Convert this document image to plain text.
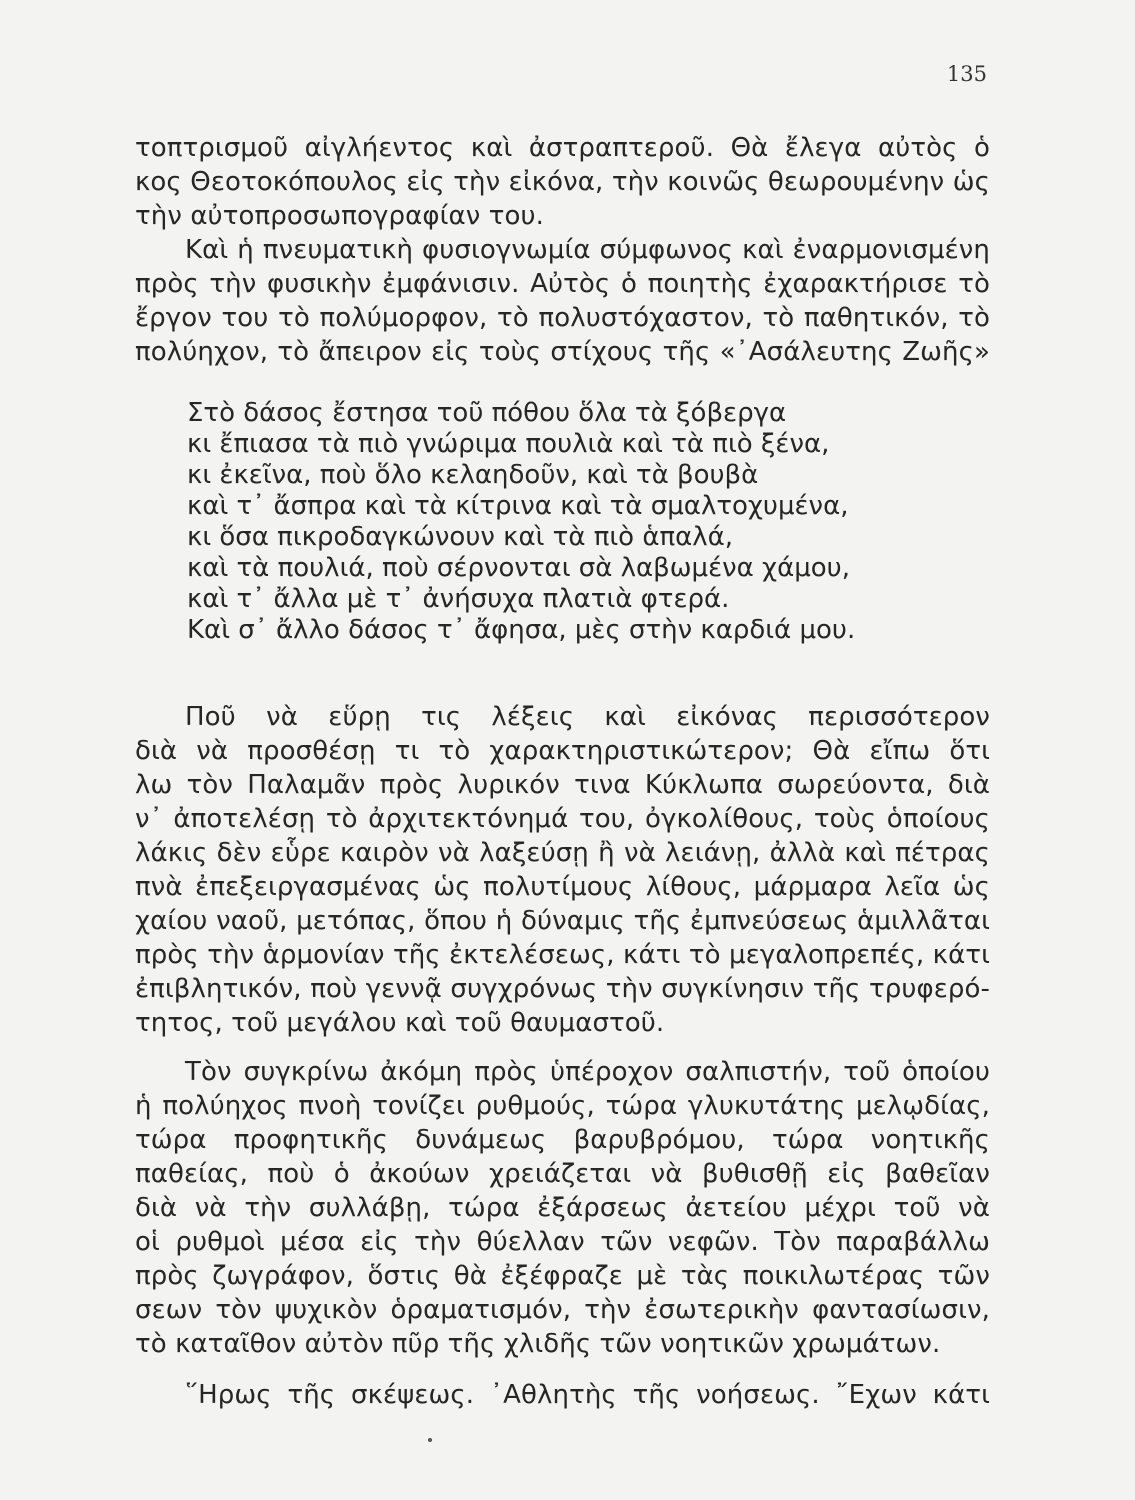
135
τοπτρισμοῦ αἰγλήεντος καὶ ἀστραπτεροῦ. Θὰ ἔλεγα αὐτὸς ὁ
κος Θεοτοκόπουλος εἰς τὴν εἰκόνα, τὴν κοινῶς θεωρουμένην ὡς
τὴν αὐτοπροσωπογραφίαν του.
Καὶ ἡ πνευματικὴ φυσιογνωμία σύμφωνος καὶ ἐναρμονισμένη
πρὸς τὴν φυσικὴν ἐμφάνισιν. Αὐτὸς ὁ ποιητὴς ἐχαρακτήρισε τὸ
ἔργον του τὸ πολύμορφον, τὸ πολυστόχαστον, τὸ παθητικόν, τὸ
πολύηχον, τὸ ἄπειρον εἰς τοὺς στίχους τῆς «᾿Ασάλευτης Ζωῆς»
Στὸ δάσος ἔστησα τοῦ πόθου ὅλα τὰ ξόβεργα
κι ἔπιασα τὰ πιὸ γνώριμα πουλιὰ καὶ τὰ πιὸ ξένα,
κι ἐκεῖνα, ποὺ ὅλο κελαηδοῦν, καὶ τὰ βουβὰ
καὶ τ᾿ ἄσπρα καὶ τὰ κίτρινα καὶ τὰ σμαλτοχυμένα,
κι ὅσα πικροδαγκώνουν καὶ τὰ πιὸ ἁπαλά,
καὶ τὰ πουλιά, ποὺ σέρνονται σὰ λαβωμένα χάμου,
καὶ τ᾿ ἄλλα μὲ τ᾿ ἀνήσυχα πλατιὰ φτερά.
Καὶ σ᾿ ἄλλο δάσος τ᾿ ἄφησα, μὲς στὴν καρδιά μου.
Ποῦ νὰ εὕρῃ τις λέξεις καὶ εἰκόνας περισσότερον
διὰ νὰ προσθέσῃ τι τὸ χαρακτηριστικώτερον; Θὰ εἴπω ὅτι
λω τὸν Παλαμᾶν πρὸς λυρικόν τινα Κύκλωπα σωρεύοντα, διὰ
ν᾿ ἀποτελέσῃ τὸ ἀρχιτεκτόνημά του, ὀγκολίθους, τοὺς ὁποίους
λάκις δὲν εὗρε καιρὸν νὰ λαξεύσῃ ἢ νὰ λειάνῃ, ἀλλὰ καὶ πέτρας
πνὰ ἐπεξειργασμένας ὡς πολυτίμους λίθους, μάρμαρα λεῖα ὡς
χαίου ναοῦ, μετόπας, ὅπου ἡ δύναμις τῆς ἐμπνεύσεως ἁμιλλᾶται
πρὸς τὴν ἁρμονίαν τῆς ἐκτελέσεως, κάτι τὸ μεγαλοπρεπές, κάτι
ἐπιβλητικόν, ποὺ γεννᾷ συγχρόνως τὴν συγκίνησιν τῆς τρυφερό-
τητος, τοῦ μεγάλου καὶ τοῦ θαυμαστοῦ.
Τὸν συγκρίνω ἀκόμη πρὸς ὑπέροχον σαλπιστήν, τοῦ ὁποίου
ἡ πολύηχος πνοὴ τονίζει ρυθμούς, τώρα γλυκυτάτης μελῳδίας,
τώρα προφητικῆς δυνάμεως βαρυβρόμου, τώρα νοητικῆς
παθείας, ποὺ ὁ ἀκούων χρειάζεται νὰ βυθισθῇ εἰς βαθεῖαν
διὰ νὰ τὴν συλλάβῃ, τώρα ἐξάρσεως ἀετείου μέχρι τοῦ νὰ
οἱ ρυθμοὶ μέσα εἰς τὴν θύελλαν τῶν νεφῶν. Τὸν παραβάλλω
πρὸς ζωγράφον, ὅστις θὰ ἐξέφραζε μὲ τὰς ποικιλωτέρας τῶν
σεων τὸν ψυχικὸν ὁραματισμόν, τὴν ἐσωτερικὴν φαντασίωσιν,
τὸ καταῖθον αὐτὸν πῦρ τῆς χλιδῆς τῶν νοητικῶν χρωμάτων.
῞Ηρως τῆς σκέψεως. ᾿Αθλητὴς τῆς νοήσεως. ῎Εχων κάτι
